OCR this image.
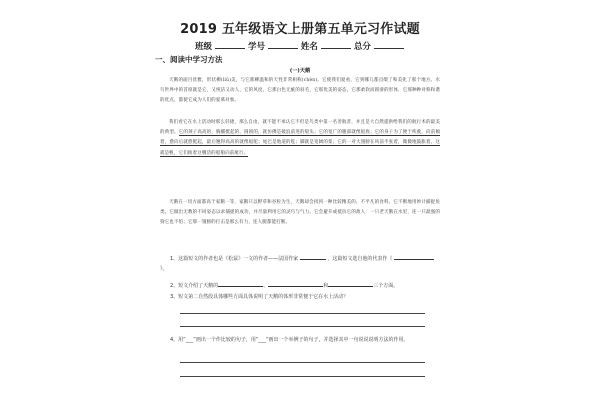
2019 五年级语文上册第五单元习作试题
班级	学号	姓名	总分
一、阅读中学习方法
(一)天鹅
天鹅的面目优雅，形状柳(liǔ)美，与它那柳温和的天性非常相称(chèn)。它使我们爱看，它到哪儿都点缀了和美化了那个地方。水鸟世界中的首席就是它，又纯洁又动人，它的风度，它那白色无疵的羽毛，它那优美的姿态，它那柔软而圆滑的形体，它那种种对称和谐的优点，都使它成为人们的爱慕对象。
我们看它在水上活动时那么轻捷，那么自由，就不能不承认它不但是鸟类中第一名善航者，并且是大自然提供给我们的航行术的最美的典型。它的颈子高高的，胸脯挺起的，圆圆的，就仿佛是破浪前进的船头；它的宽广的腹部就像船底；它的身子为了便于疾驶，向前倾着，愈向后就愈挺起，最后翘得高高的就像船舵；尾巴是地道的舵；脚就是宽阔的桨；它的一对大翅膀在风前半张着，微微地鼓胀着，这就是帆，它们推着这艘活的船舶向前航行。
天鹅在一切方面都高于家鹅一等，家鹅只以野草和谷粒为生，天鹅却会找到一种比较精美的、不平凡的食料。它不断地用妙计捕捉鱼类。它做出无数的不同姿态以求捕捉的成功，并尽量利用它的灵巧与气力。它会避开或抵抗它的敌人：一只老天鹅在水里，连一只最强的狗它也不怕；它那一翅膀的打击是那么有力，连人腿都能打断。
1、这篇短文的作者也是《松鼠》一文的作者——法国作家	，这篇短文选自他的代表作《  》。
2、短文介绍了天鹅的	、	和	三个方面。
3、短文第二自然段具体哪些方面具体说明了天鹅的体形非常便于它在水上活动？
4、用“___”画出一个作比较的句子，用“___”画出一个举例子的句子，并选择其中一句说说说明方法的作用。
